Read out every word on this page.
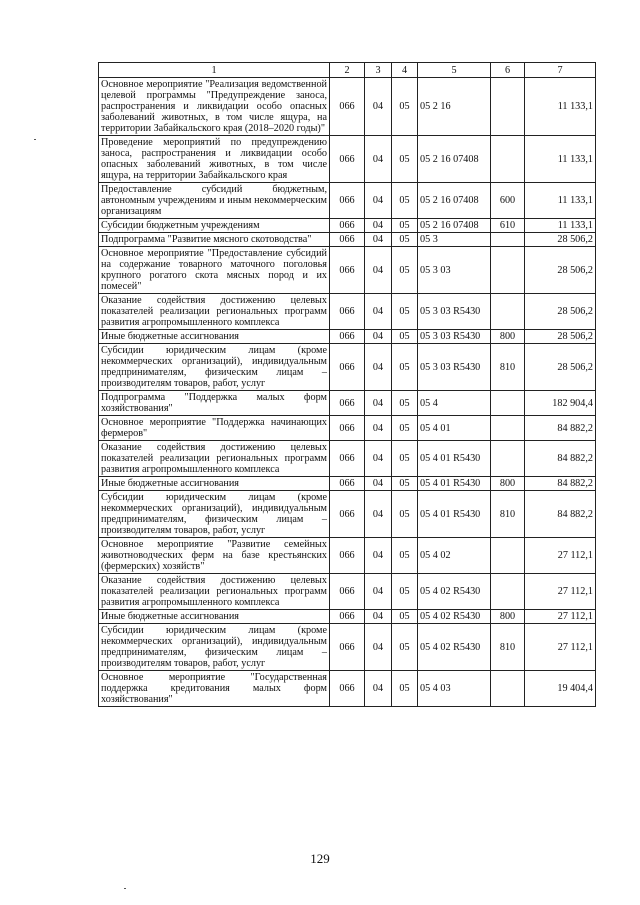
1	2	3	4	5	6	7
Основное мероприятие "Реализация ведомственной целевой программы "Предупреждение заноса, распространения и ликвидации особо опасных заболеваний животных, в том числе ящура, на территории Забайкальского края (2018–2020 годы)"	066	04	05	05 2 16		11 133,1
Проведение мероприятий по предупреждению заноса, распространения и ликвидации особо опасных заболеваний животных, в том числе ящура, на территории Забайкальского края	066	04	05	05 2 16 07408		11 133,1
Предоставление субсидий бюджетным, автономным учреждениям и иным некоммерческим организациям	066	04	05	05 2 16 07408	600	11 133,1
Субсидии бюджетным учреждениям	066	04	05	05 2 16 07408	610	11 133,1
Подпрограмма "Развитие мясного скотоводства"	066	04	05	05 3		28 506,2
Основное мероприятие "Предоставление субсидий на содержание товарного маточного поголовья крупного рогатого скота мясных пород и их помесей"	066	04	05	05 3 03		28 506,2
Оказание содействия достижению целевых показателей реализации региональных программ развития агропромышленного комплекса	066	04	05	05 3 03 R5430		28 506,2
Иные бюджетные ассигнования	066	04	05	05 3 03 R5430	800	28 506,2
Субсидии юридическим лицам (кроме некоммерческих организаций), индивидуальным предпринимателям, физическим лицам – производителям товаров, работ, услуг	066	04	05	05 3 03 R5430	810	28 506,2
Подпрограмма "Поддержка малых форм хозяйствования"	066	04	05	05 4		182 904,4
Основное мероприятие "Поддержка начинающих фермеров"	066	04	05	05 4 01		84 882,2
Оказание содействия достижению целевых показателей реализации региональных программ развития агропромышленного комплекса	066	04	05	05 4 01 R5430		84 882,2
Иные бюджетные ассигнования	066	04	05	05 4 01 R5430	800	84 882,2
Субсидии юридическим лицам (кроме некоммерческих организаций), индивидуальным предпринимателям, физическим лицам – производителям товаров, работ, услуг	066	04	05	05 4 01 R5430	810	84 882,2
Основное мероприятие "Развитие семейных животноводческих ферм на базе крестьянских (фермерских) хозяйств"	066	04	05	05 4 02		27 112,1
Оказание содействия достижению целевых показателей реализации региональных программ развития агропромышленного комплекса	066	04	05	05 4 02 R5430		27 112,1
Иные бюджетные ассигнования	066	04	05	05 4 02 R5430	800	27 112,1
Субсидии юридическим лицам (кроме некоммерческих организаций), индивидуальным предпринимателям, физическим лицам – производителям товаров, работ, услуг	066	04	05	05 4 02 R5430	810	27 112,1
Основное мероприятие "Государственная поддержка кредитования малых форм хозяйствования"	066	04	05	05 4 03		19 404,4
129
